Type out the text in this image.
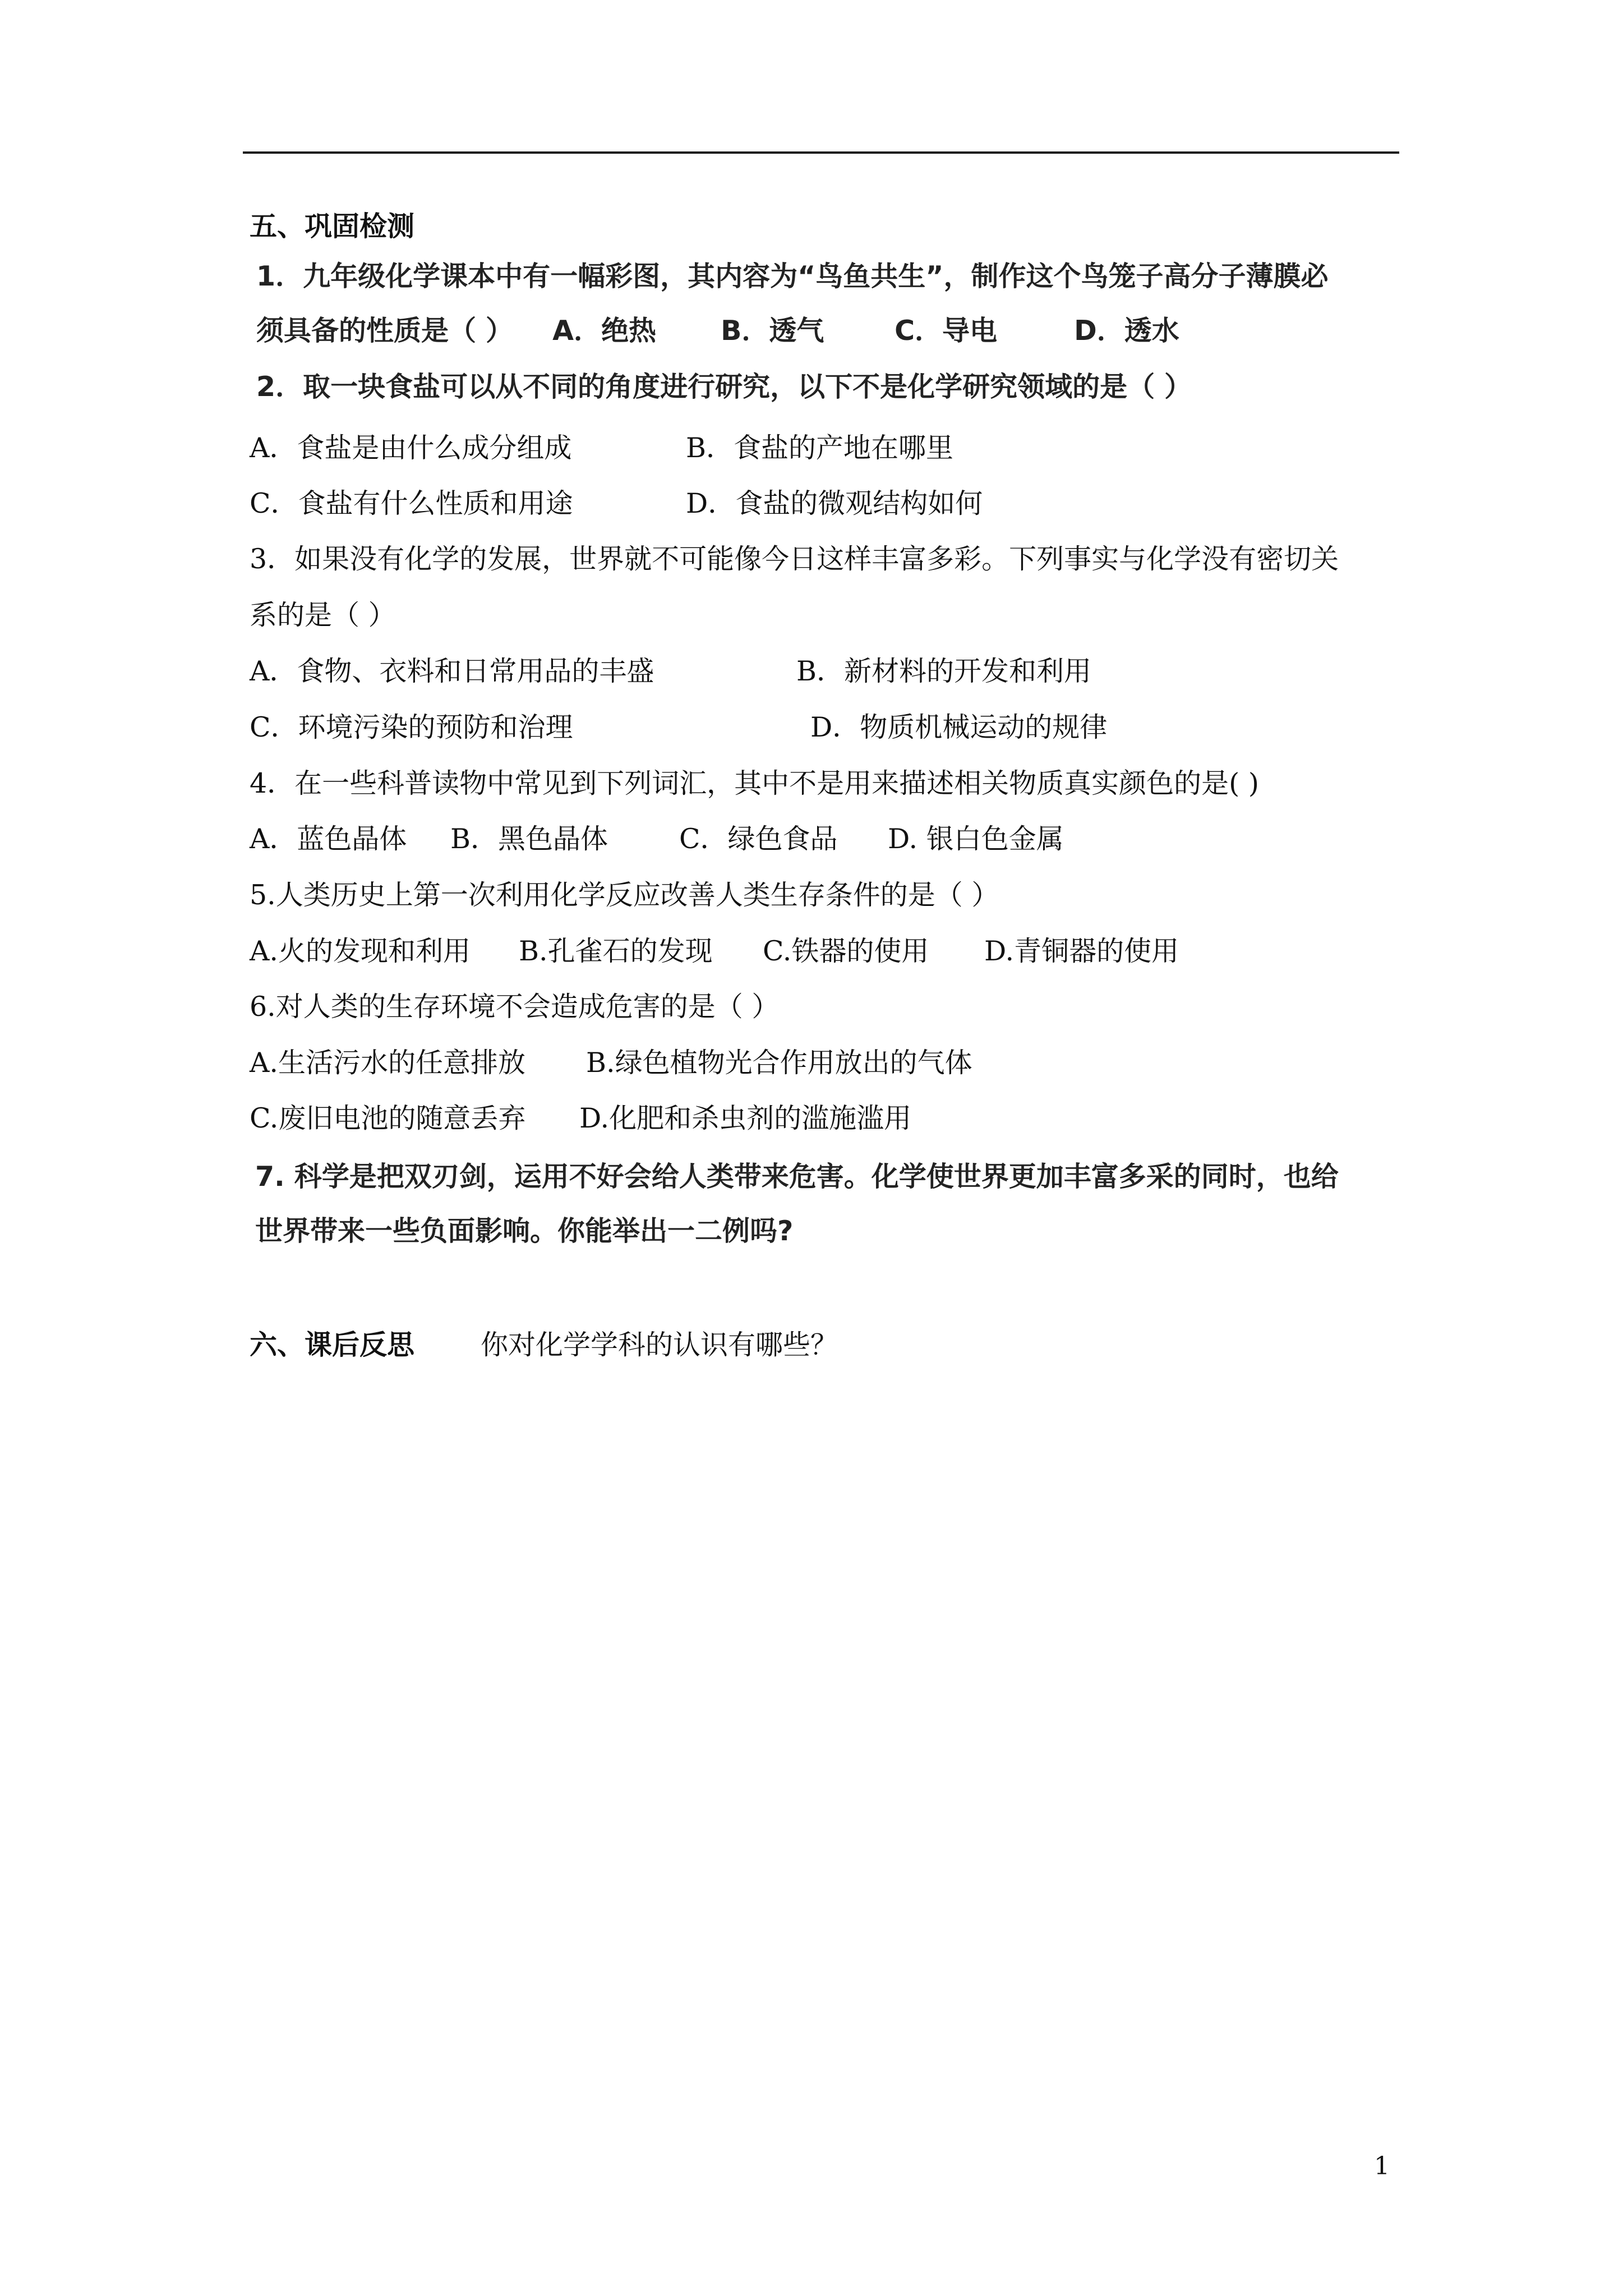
五、巩固检测
1．九年级化学课本中有一幅彩图，其内容为“鸟鱼共生”，制作这个鸟笼子高分子薄膜必
须具备的性质是（ ） A．绝热 B．透气	C．导电	D．透水
2．取一块食盐可以从不同的角度进行研究，以下不是化学研究领域的是（ ）
A．食盐是由什么成分组成	B．食盐的产地在哪里
C．食盐有什么性质和用途	D．食盐的微观结构如何
3．如果没有化学的发展，世界就不可能像今日这样丰富多彩。下列事实与化学没有密切关
系的是（ ）
A．食物、衣料和日常用品的丰盛	B．新材料的开发和利用
C．环境污染的预防和治理	D．物质机械运动的规律
4．在一些科普读物中常见到下列词汇，其中不是用来描述相关物质真实颜色的是( )
A．蓝色晶体 B．黑色晶体	C．绿色食品 D. 银白色金属
5.人类历史上第一次利用化学反应改善人类生存条件的是（ ）
A.火的发现和利用 B.孔雀石的发现 C.铁器的使用 D.青铜器的使用
6.对人类的生存环境不会造成危害的是（ ）
A.生活污水的任意排放 B.绿色植物光合作用放出的气体
C.废旧电池的随意丢弃 D.化肥和杀虫剂的滥施滥用
7. 科学是把双刃剑，运用不好会给人类带来危害。化学使世界更加丰富多采的同时，也给
世界带来一些负面影响。你能举出一二例吗?
六、课后反思 你对化学学科的认识有哪些？
1
